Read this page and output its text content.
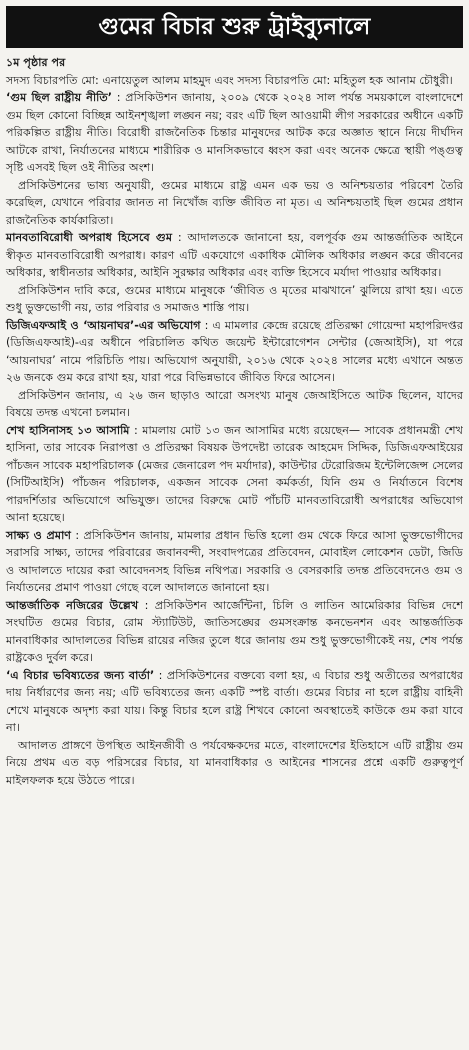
গুমের বিচার শুরু ট্রাইব্যুনালে

১ম পৃষ্ঠার পর

সদস্য বিচারপতি মো: এনায়েতুল আলম মাহমুদ এবং সদস্য বিচারপতি মো: মহিতুল হক আনাম চৌধুরী।

‘গুম ছিল রাষ্ট্রীয় নীতি’ : প্রসিকিউশন জানায়, ২০০৯ থেকে ২০২৪ সাল পর্যন্ত সময়কালে বাংলাদেশে গুম ছিল কোনো বিচ্ছিন্ন আইনশৃঙ্খলা লঙ্ঘন নয়; বরং এটি ছিল আওয়ামী লীগ সরকারের অধীনে একটি পরিকল্পিত রাষ্ট্রীয় নীতি। বিরোধী রাজনৈতিক চিন্তার মানুষদের আটক করে অজ্ঞাত স্থানে নিয়ে দীর্ঘদিন আটকে রাখা, নির্যাতনের মাধ্যমে শারীরিক ও মানসিকভাবে ধ্বংস করা এবং অনেক ক্ষেত্রে স্থায়ী পঙ্গুত্ব সৃষ্টি এসবই ছিল ওই নীতির অংশ।

প্রসিকিউশনের ভাষ্য অনুযায়ী, গুমের মাধ্যমে রাষ্ট্র এমন এক ভয় ও অনিশ্চয়তার পরিবেশ তৈরি করেছিল, যেখানে পরিবার জানত না নিখোঁজ ব্যক্তি জীবিত না মৃত। এ অনিশ্চয়তাই ছিল গুমের প্রধান রাজনৈতিক কার্যকারিতা।

মানবতাবিরোধী অপরাধ হিসেবে গুম : আদালতকে জানানো হয়, বলপূর্বক গুম আন্তর্জাতিক আইনে স্বীকৃত মানবতাবিরোধী অপরাধ। কারণ এটি একযোগে একাধিক মৌলিক অধিকার লঙ্ঘন করে জীবনের অধিকার, স্বাধীনতার অধিকার, আইনি সুরক্ষার অধিকার এবং ব্যক্তি হিসেবে মর্যাদা পাওয়ার অধিকার।

প্রসিকিউশন দাবি করে, গুমের মাধ্যমে মানুষকে ‘জীবিত ও মৃতের মাঝখানে’ ঝুলিয়ে রাখা হয়। এতে শুধু ভুক্তভোগী নয়, তার পরিবার ও সমাজও শাস্তি পায়।

ডিজিএফআই ও ‘আয়নাঘর’-এর অভিযোগ : এ মামলার কেন্দ্রে রয়েছে প্রতিরক্ষা গোয়েন্দা মহাপরিদপ্তর (ডিজিএফআই)-এর অধীনে পরিচালিত কথিত জয়েন্ট ইন্টারোগেশন সেন্টার (জেআইসি), যা পরে ‘আয়নাঘর’ নামে পরিচিতি পায়। অভিযোগ অনুযায়ী, ২০১৬ থেকে ২০২৪ সালের মধ্যে এখানে অন্তত ২৬ জনকে গুম করে রাখা হয়, যারা পরে বিভিন্নভাবে জীবিত ফিরে আসেন।

প্রসিকিউশন জানায়, এ ২৬ জন ছাড়াও আরো অসংখ্য মানুষ জেআইসিতে আটক ছিলেন, যাদের বিষয়ে তদন্ত এখনো চলমান।

শেখ হাসিনাসহ ১৩ আসামি : মামলায় মোট ১৩ জন আসামির মধ্যে রয়েছেন— সাবেক প্রধানমন্ত্রী শেখ হাসিনা, তার সাবেক নিরাপত্তা ও প্রতিরক্ষা বিষয়ক উপদেষ্টা তারেক আহমেদ সিদ্দিক, ডিজিএফআইয়ের পাঁচজন সাবেক মহাপরিচালক (মেজর জেনারেল পদ মর্যাদার), কাউন্টার টেরোরিজম ইন্টেলিজেন্স সেলের (সিটিআইসি) পাঁচজন পরিচালক, একজন সাবেক সেনা কর্মকর্তা, যিনি গুম ও নির্যাতনে বিশেষ পারদর্শিতার অভিযোগে অভিযুক্ত। তাদের বিরুদ্ধে মোট পাঁচটি মানবতাবিরোধী অপরাধের অভিযোগ আনা হয়েছে।

সাক্ষ্য ও প্রমাণ : প্রসিকিউশন জানায়, মামলার প্রধান ভিত্তি হলো গুম থেকে ফিরে আসা ভুক্তভোগীদের সরাসরি সাক্ষ্য, তাদের পরিবারের জবানবন্দী, সংবাদপত্রের প্রতিবেদন, মোবাইল লোকেশন ডেটা, জিডি ও আদালতে দায়ের করা আবেদনসহ বিভিন্ন নথিপত্র। সরকারি ও বেসরকারি তদন্ত প্রতিবেদনেও গুম ও নির্যাতনের প্রমাণ পাওয়া গেছে বলে আদালতে জানানো হয়।

আন্তর্জাতিক নজিরের উল্লেখ : প্রসিকিউশন আর্জেন্টিনা, চিলি ও লাতিন আমেরিকার বিভিন্ন দেশে সংঘটিত গুমের বিচার, রোম স্ট্যাটিউট, জাতিসঙ্ঘের গুমসংক্রান্ত কনভেনশন এবং আন্তর্জাতিক মানবাধিকার আদালতের বিভিন্ন রায়ের নজির তুলে ধরে জানায় গুম শুধু ভুক্তভোগীকেই নয়, শেষ পর্যন্ত রাষ্ট্রকেও দুর্বল করে।

‘এ বিচার ভবিষ্যতের জন্য বার্তা’ : প্রসিকিউশনের বক্তব্যে বলা হয়, এ বিচার শুধু অতীতের অপরাধের দায় নির্ধারণের জন্য নয়; এটি ভবিষ্যতের জন্য একটি স্পষ্ট বার্তা। গুমের বিচার না হলে রাষ্ট্রীয় বাহিনী শেখে মানুষকে অদৃশ্য করা যায়। কিন্তু বিচার হলে রাষ্ট্র শিখবে কোনো অবস্থাতেই কাউকে গুম করা যাবে না।

আদালত প্রাঙ্গণে উপস্থিত আইনজীবী ও পর্যবেক্ষকদের মতে, বাংলাদেশের ইতিহাসে এটি রাষ্ট্রীয় গুম নিয়ে প্রথম এত বড় পরিসরের বিচার, যা মানবাধিকার ও আইনের শাসনের প্রশ্নে একটি গুরুত্বপূর্ণ মাইলফলক হয়ে উঠতে পারে।
